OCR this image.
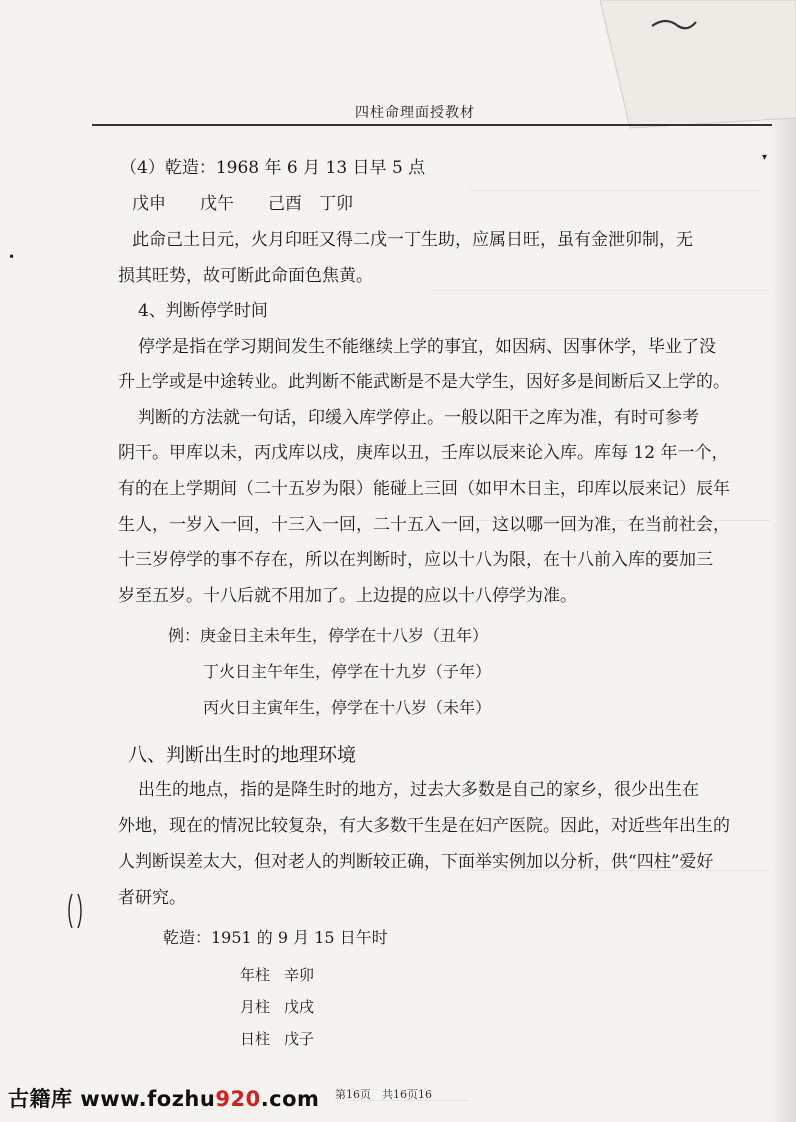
四柱命理面授教材
（4）乾造：1968 年 6 月 13 日早 5 点
戊申　　戊午　　己酉　丁卯
此命己土日元，火月印旺又得二戊一丁生助，应属日旺，虽有金泄卯制，无
损其旺势，故可断此命面色焦黄。
4、判断停学时间
停学是指在学习期间发生不能继续上学的事宜，如因病、因事休学，毕业了没
升上学或是中途转业。此判断不能武断是不是大学生，因好多是间断后又上学的。
判断的方法就一句话，印缓入库学停止。一般以阳干之库为准，有时可参考
阴干。甲库以未，丙戊库以戌，庚库以丑，壬库以辰来论入库。库每 12 年一个，
有的在上学期间（二十五岁为限）能碰上三回（如甲木日主，印库以辰来记）辰年
生人，一岁入一回，十三入一回，二十五入一回，这以哪一回为准，在当前社会，
十三岁停学的事不存在，所以在判断时，应以十八为限，在十八前入库的要加三
岁至五岁。十八后就不用加了。上边提的应以十八停学为准。
例：庚金日主未年生，停学在十八岁（丑年）
丁火日主午年生，停学在十九岁（子年）
丙火日主寅年生，停学在十八岁（未年）
八、判断出生时的地理环境
出生的地点，指的是降生时的地方，过去大多数是自己的家乡，很少出生在
外地，现在的情况比较复杂，有大多数干生是在妇产医院。因此，对近些年出生的
人判断误差太大，但对老人的判断较正确，下面举实例加以分析，供“四柱”爱好
者研究。
乾造：1951 的 9 月 15 日午时
年柱 辛卯
月柱 戊戌
日柱 戊子
▾
•
第16页　共16页16
古籍库 www.fozhu920.com
